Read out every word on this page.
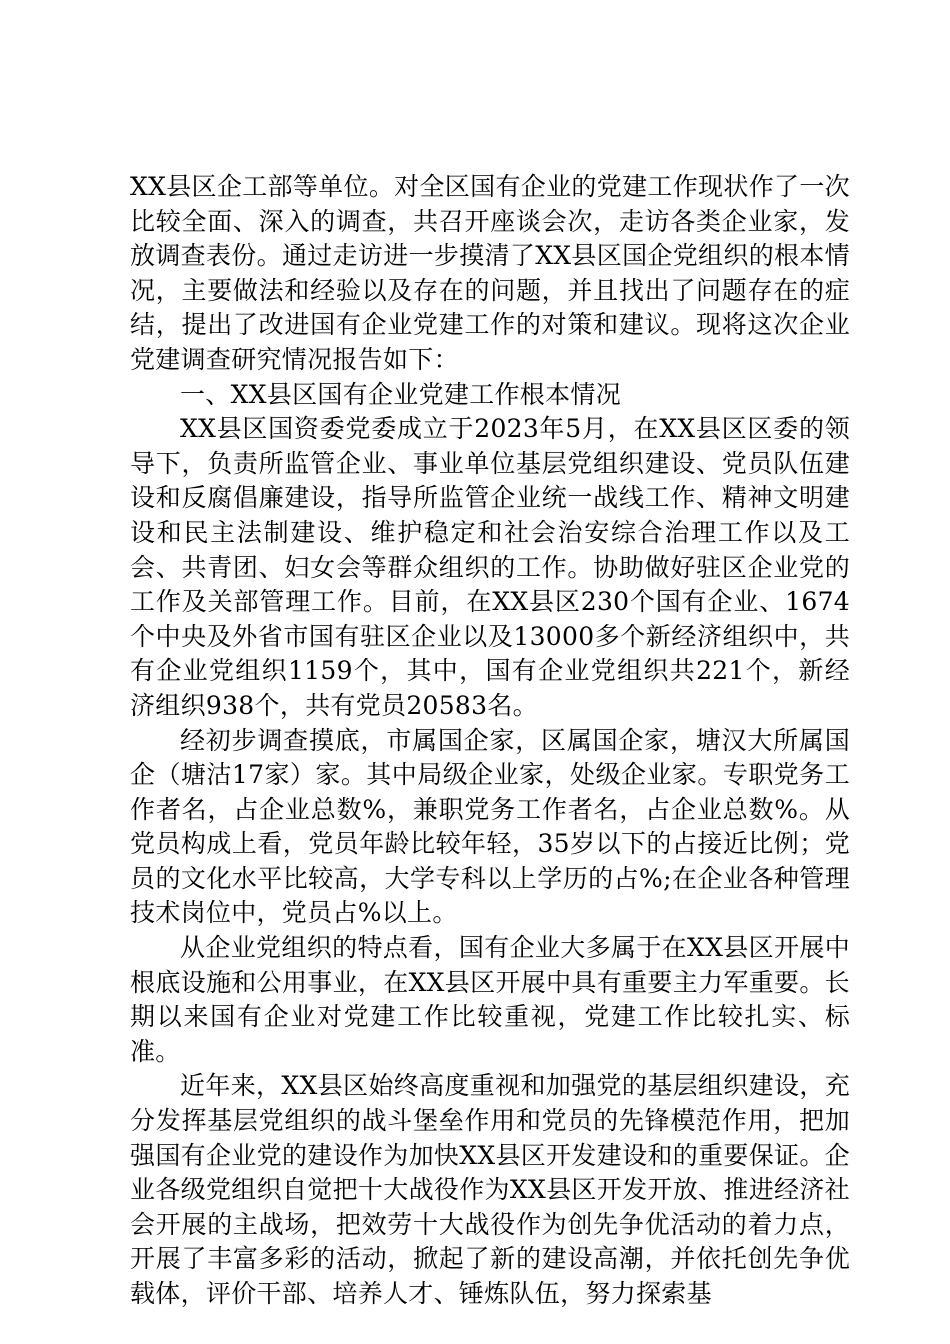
XX县区企工部等单位。对全区国有企业的党建工作现状作了一次比较全面、深入的调查，共召开座谈会次，走访各类企业家，发放调查表份。通过走访进一步摸清了XX县区国企党组织的根本情况，主要做法和经验以及存在的问题，并且找出了问题存在的症结，提出了改进国有企业党建工作的对策和建议。现将这次企业党建调查研究情况报告如下：

一、XX县区国有企业党建工作根本情况

XX县区国资委党委成立于2023年5月，在XX县区区委的领导下，负责所监管企业、事业单位基层党组织建设、党员队伍建设和反腐倡廉建设，指导所监管企业统一战线工作、精神文明建设和民主法制建设、维护稳定和社会治安综合治理工作以及工会、共青团、妇女会等群众组织的工作。协助做好驻区企业党的工作及关部管理工作。目前，在XX县区230个国有企业、1674个中央及外省市国有驻区企业以及13000多个新经济组织中，共有企业党组织1159个，其中，国有企业党组织共221个，新经济组织938个，共有党员20583名。

经初步调查摸底，市属国企家，区属国企家，塘汉大所属国企（塘沽17家）家。其中局级企业家，处级企业家。专职党务工作者名，占企业总数%，兼职党务工作者名，占企业总数%。从党员构成上看，党员年龄比较年轻，35岁以下的占接近比例；党员的文化水平比较高，大学专科以上学历的占%;在企业各种管理技术岗位中，党员占%以上。

从企业党组织的特点看，国有企业大多属于在XX县区开展中根底设施和公用事业，在XX县区开展中具有重要主力军重要。长期以来国有企业对党建工作比较重视，党建工作比较扎实、标准。

近年来，XX县区始终高度重视和加强党的基层组织建设，充分发挥基层党组织的战斗堡垒作用和党员的先锋模范作用，把加强国有企业党的建设作为加快XX县区开发建设和的重要保证。企业各级党组织自觉把十大战役作为XX县区开发开放、推进经济社会开展的主战场，把效劳十大战役作为创先争优活动的着力点，开展了丰富多彩的活动，掀起了新的建设高潮，并依托创先争优载体，评价干部、培养人才、锤炼队伍，努力探索基
